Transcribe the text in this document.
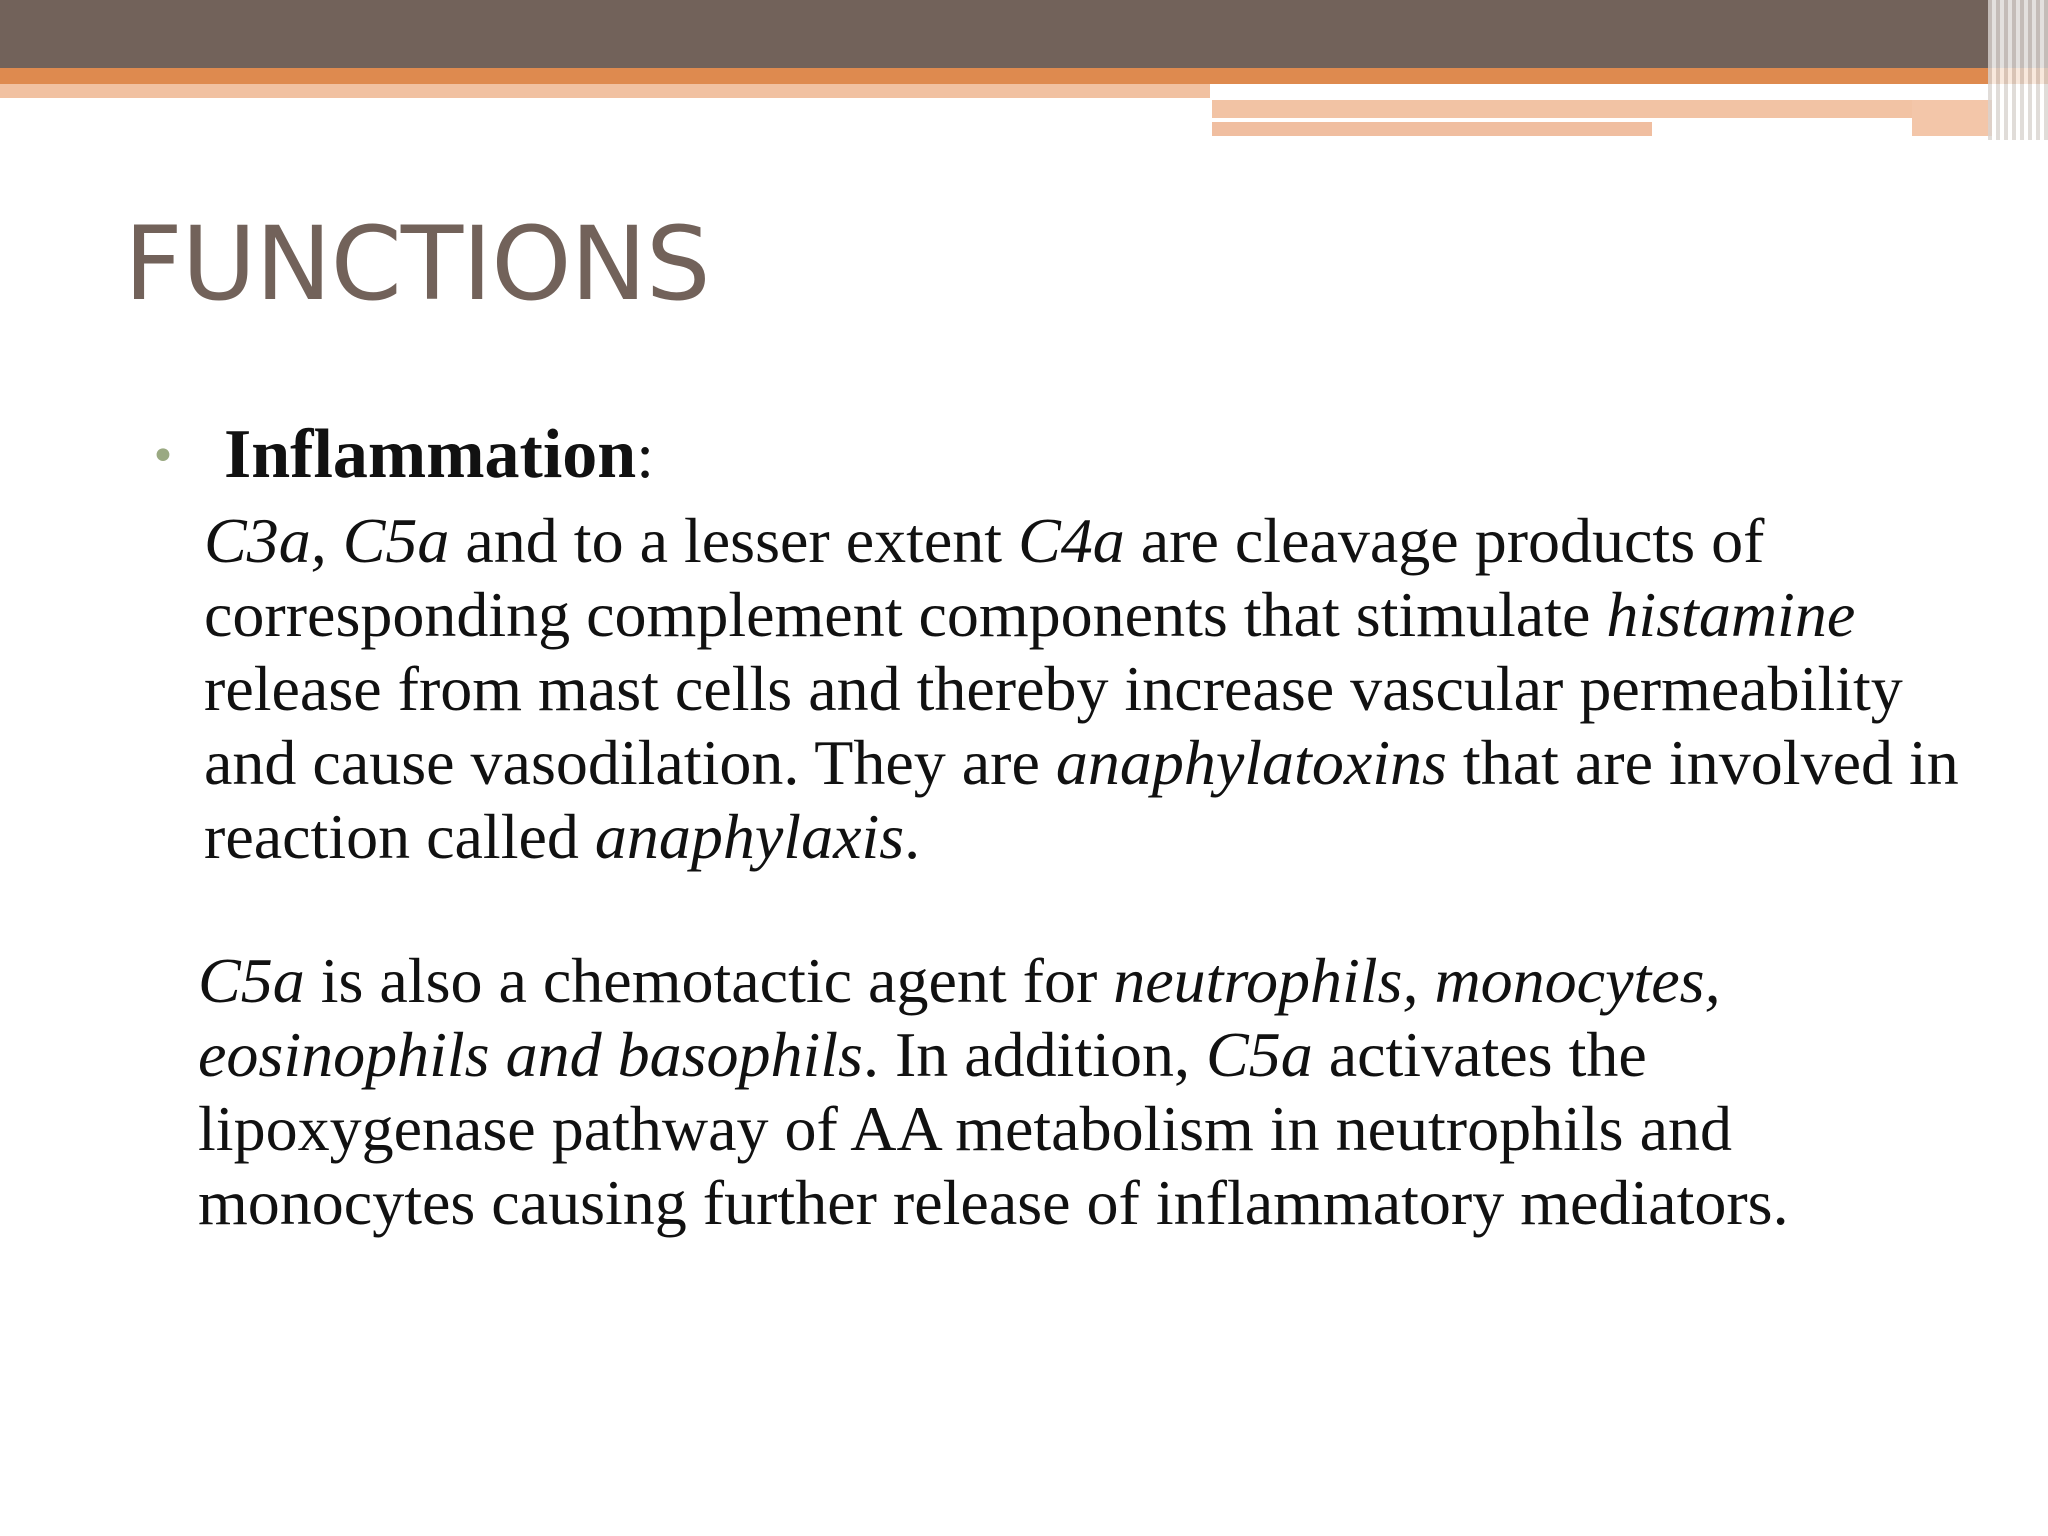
FUNCTIONS
• Inflammation:

C3a, C5a and to a lesser extent C4a are cleavage products of corresponding complement components that stimulate histamine release from mast cells and thereby increase vascular permeability and cause vasodilation. They are anaphylatoxins that are involved in reaction called anaphylaxis.

C5a is also a chemotactic agent for neutrophils, monocytes, eosinophils and basophils. In addition, C5a activates the lipoxygenase pathway of AA metabolism in neutrophils and monocytes causing further release of inflammatory mediators.
